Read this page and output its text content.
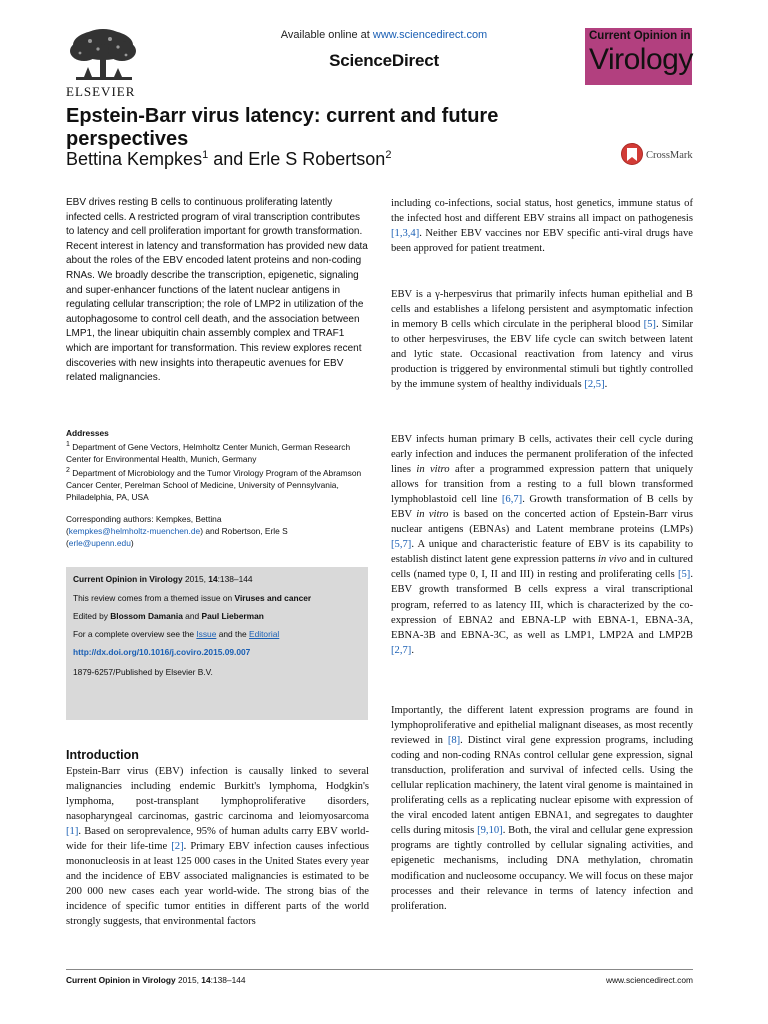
ELSEVIER
Available online at www.sciencedirect.com
ScienceDirect
Current Opinion in
Virology
Epstein-Barr virus latency: current and future perspectives
Bettina Kempkes$^1$ and Erle S Robertson$^2$	CrossMark

EBV drives resting B cells to continuous proliferating latently infected cells. A restricted program of viral transcription contributes to latency and cell proliferation important for growth transformation. Recent interest in latency and transformation has provided new data about the roles of the EBV encoded latent proteins and non-coding RNAs. We broadly describe the transcription, epigenetic, signaling and super-enhancer functions of the latent nuclear antigens in regulating cellular transcription; the role of LMP2 in utilization of the autophagosome to control cell death, and the association between LMP1, the linear ubiquitin chain assembly complex and TRAF1 which are important for transformation. This review explores recent discoveries with new insights into therapeutic avenues for EBV related malignancies.

Addresses
$^1$ Department of Gene Vectors, Helmholtz Center Munich, German Research Center for Environmental Health, Munich, Germany
$^2$ Department of Microbiology and the Tumor Virology Program of the Abramson Cancer Center, Perelman School of Medicine, University of Pennsylvania, Philadelphia, PA, USA
Corresponding authors: Kempkes, Bettina
(kempkes@helmholtz-muenchen.de) and Robertson, Erle S
(erle@upenn.edu)
Current Opinion in Virology 2015, 14:138–144
This review comes from a themed issue on Viruses and cancer
Edited by Blossom Damania and Paul Lieberman
For a complete overview see the Issue and the Editorial
http://dx.doi.org/10.1016/j.coviro.2015.09.007
1879-6257/Published by Elsevier B.V.
Introduction

Epstein-Barr virus (EBV) infection is causally linked to several malignancies including endemic Burkitt's lymphoma, Hodgkin's lymphoma, post-transplant lymphoproliferative disorders, nasopharyngeal carcinomas, gastric carcinoma and leiomyosarcoma [1]. Based on seroprevalence, 95% of human adults carry EBV world-wide for their life-time [2]. Primary EBV infection causes infectious mononucleosis in at least 125 000 cases in the United States every year and the incidence of EBV associated malignancies is estimated to be 200 000 new cases each year world-wide. The strong bias of the incidence of specific tumor entities in different parts of the world strongly suggests, that environmental factors

including co-infections, social status, host genetics, immune status of the infected host and different EBV strains all impact on pathogenesis [1,3,4]. Neither EBV vaccines nor EBV specific anti-viral drugs have been approved for patient treatment.

EBV is a γ-herpesvirus that primarily infects human epithelial and B cells and establishes a lifelong persistent and asymptomatic infection in memory B cells which circulate in the peripheral blood [5]. Similar to other herpesviruses, the EBV life cycle can switch between latent and lytic state. Occasional reactivation from latency and virus production is triggered by environmental stimuli but tightly controlled by the immune system of healthy individuals [2,5].

EBV infects human primary B cells, activates their cell cycle during early infection and induces the permanent proliferation of the infected lines in vitro after a programmed expression pattern that uniquely allows for transition from a resting to a full blown transformed lymphoblastoid cell line [6,7]. Growth transformation of B cells by EBV in vitro is based on the concerted action of Epstein-Barr virus nuclear antigens (EBNAs) and Latent membrane proteins (LMPs) [5,7]. A unique and characteristic feature of EBV is its capability to establish distinct latent gene expression patterns in vivo and in cultured cells (named type 0, I, II and III) in resting and proliferating cells [5]. EBV growth transformed B cells express a viral transcriptional program, referred to as latency III, which is characterized by the co-expression of EBNA2 and EBNA-LP with EBNA-1, EBNA-3A, EBNA-3B and EBNA-3C, as well as LMP1, LMP2A and LMP2B [2,7].

Importantly, the different latent expression programs are found in lymphoproliferative and epithelial malignant diseases, as most recently reviewed in [8]. Distinct viral gene expression programs, including coding and non-coding RNAs control cellular gene expression, signal transduction, proliferation and survival of infected cells. Using the cellular replication machinery, the latent viral genome is maintained in proliferating cells as a replicating nuclear episome with expression of the viral encoded latent antigen EBNA1, and segregates to daughter cells during mitosis [9,10]. Both, the viral and cellular gene expression programs are tightly controlled by cellular signaling activities, and epigenetic mechanisms, including DNA methylation, chromatin modification and nucleosome occupancy. We will focus on these major processes and their relevance in terms of latency infection and proliferation.

Current Opinion in Virology 2015, 14:138–144	www.sciencedirect.com
